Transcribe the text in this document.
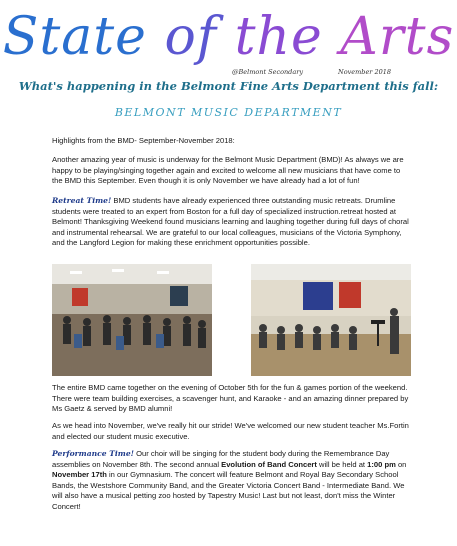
State of the Arts
@Belmont Secondary	November 2018
What's happening in the Belmont Fine Arts Department this fall:
BELMONT MUSIC DEPARTMENT
Highlights from the BMD- September-November 2018:
Another amazing year of music is underway for the Belmont Music Department (BMD)! As always we are happy to be playing/singing together again and excited to welcome all new musicians that have come to the BMD this September. Even though it is only November we have already had a lot of fun!

Retreat Time! BMD students have already experienced three outstanding music retreats. Drumline students were treated to an expert from Boston for a full day of specialized instruction.retreat hosted at Belmont! Thanksgiving Weekend found musicians learning and laughing together during full days of choral and instrumental rehearsal. We are grateful to our local colleagues, musicians of the Victoria Symphony, and the Langford Legion for making these enrichment opportunities possible.

The entire BMD came together on the evening of October 5th for the fun & games portion of the weekend. There were team building exercises, a scavenger hunt, and Karaoke - and an amazing dinner prepared by Ms Gaetz & served by BMD alumni!
As we head into November, we've really hit our stride! We've welcomed our new student teacher Ms.Fortin and elected our student music executive.

Performance Time! Our choir will be singing for the student body during the Remembrance Day assemblies on November 8th. The second annual Evolution of Band Concert will be held at 1:00 pm on November 17th in our Gymnasium. The concert will feature Belmont and Royal Bay Secondary School Bands, the Westshore Community Band, and the Greater Victoria Concert Band - Intermediate Band. We will also have a musical petting zoo hosted by Tapestry Music! Last but not least, don't miss the Winter Concert!
